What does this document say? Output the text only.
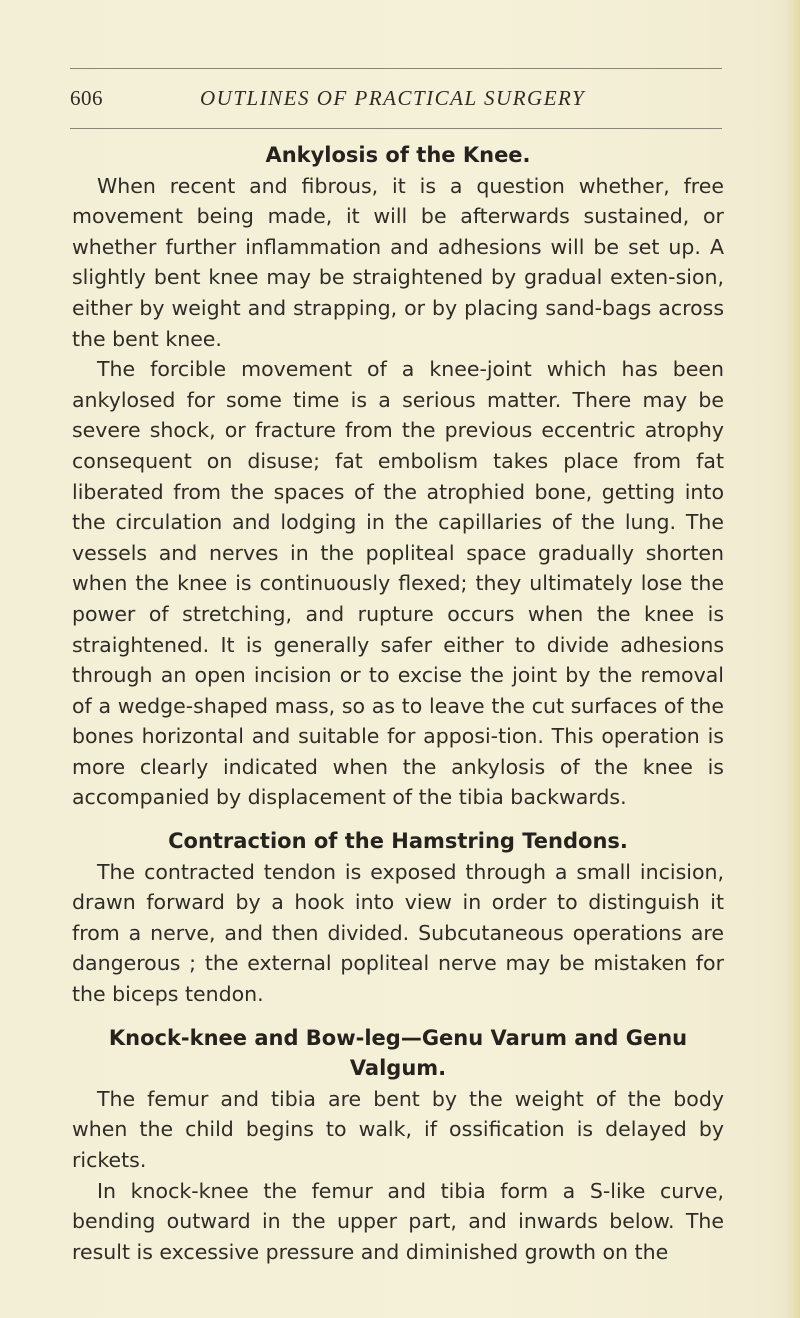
606	OUTLINES OF PRACTICAL SURGERY
Ankylosis of the Knee.

When recent and fibrous, it is a question whether, free movement being made, it will be afterwards sustained, or whether further inflammation and adhesions will be set up. A slightly bent knee may be straightened by gradual exten-sion, either by weight and strapping, or by placing sand-bags across the bent knee.

The forcible movement of a knee-joint which has been ankylosed for some time is a serious matter. There may be severe shock, or fracture from the previous eccentric atrophy consequent on disuse; fat embolism takes place from fat liberated from the spaces of the atrophied bone, getting into the circulation and lodging in the capillaries of the lung. The vessels and nerves in the popliteal space gradually shorten when the knee is continuously flexed; they ultimately lose the power of stretching, and rupture occurs when the knee is straightened. It is generally safer either to divide adhesions through an open incision or to excise the joint by the removal of a wedge-shaped mass, so as to leave the cut surfaces of the bones horizontal and suitable for apposi-tion. This operation is more clearly indicated when the ankylosis of the knee is accompanied by displacement of the tibia backwards.

Contraction of the Hamstring Tendons.

The contracted tendon is exposed through a small incision, drawn forward by a hook into view in order to distinguish it from a nerve, and then divided. Subcutaneous operations are dangerous ; the external popliteal nerve may be mistaken for the biceps tendon.

Knock-knee and Bow-leg—Genu Varum and Genu Valgum.

The femur and tibia are bent by the weight of the body when the child begins to walk, if ossification is delayed by rickets.

In knock-knee the femur and tibia form a S-like curve, bending outward in the upper part, and inwards below. The result is excessive pressure and diminished growth on the
